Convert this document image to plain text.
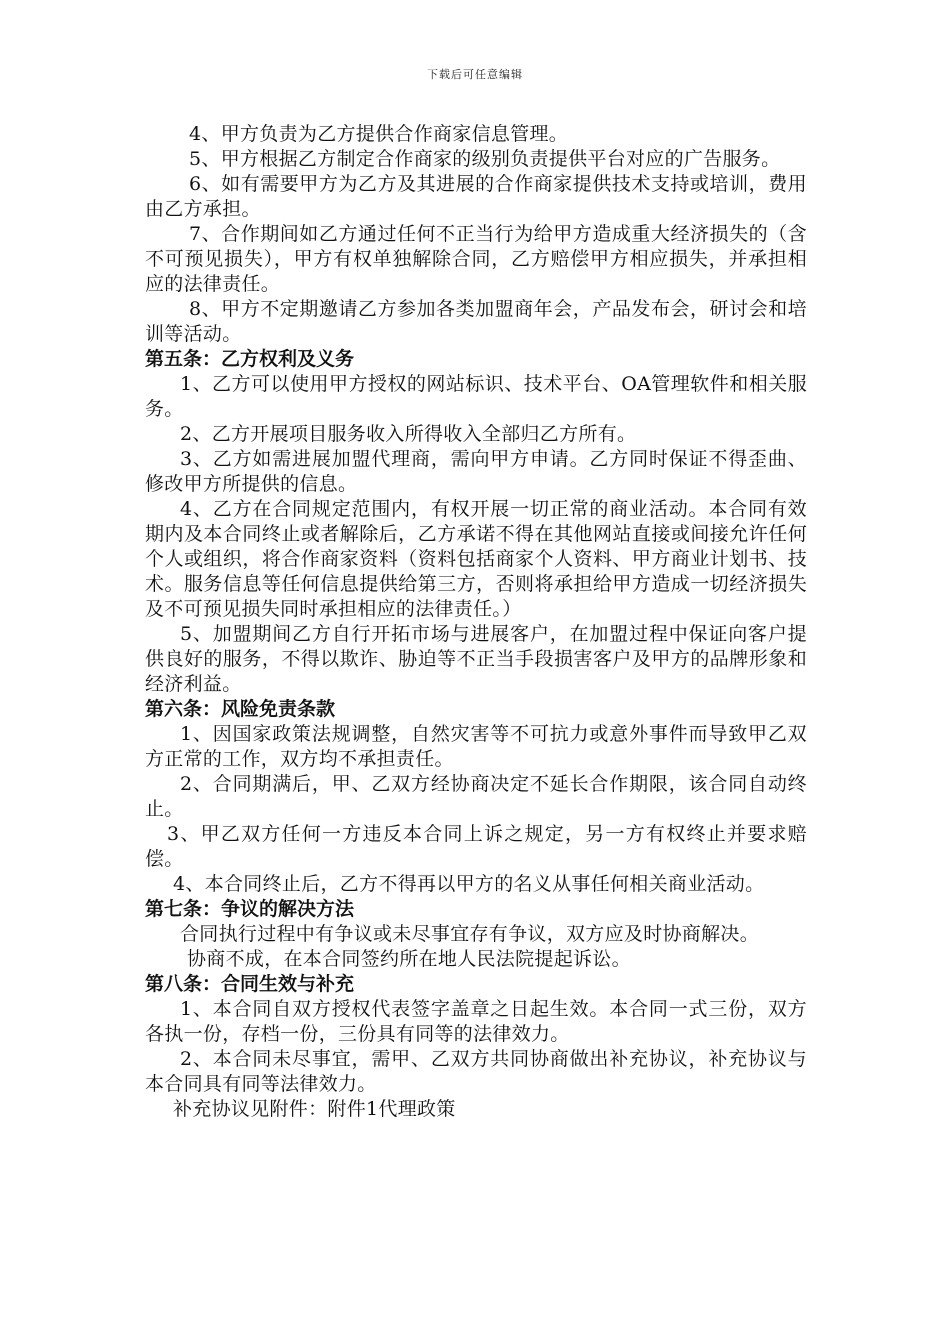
下载后可任意编辑

4、甲方负责为乙方提供合作商家信息管理。

5、甲方根据乙方制定合作商家的级别负责提供平台对应的广告服务。

6、如有需要甲方为乙方及其进展的合作商家提供技术支持或培训，费用由乙方承担。

7、合作期间如乙方通过任何不正当行为给甲方造成重大经济损失的（含不可预见损失），甲方有权单独解除合同，乙方赔偿甲方相应损失，并承担相应的法律责任。

8、甲方不定期邀请乙方参加各类加盟商年会，产品发布会，研讨会和培训等活动。

第五条：乙方权利及义务

1、乙方可以使用甲方授权的网站标识、技术平台、OA管理软件和相关服务。

2、乙方开展项目服务收入所得收入全部归乙方所有。

3、乙方如需进展加盟代理商，需向甲方申请。乙方同时保证不得歪曲、修改甲方所提供的信息。

4、乙方在合同规定范围内，有权开展一切正常的商业活动。本合同有效期内及本合同终止或者解除后，乙方承诺不得在其他网站直接或间接允许任何个人或组织，将合作商家资料（资料包括商家个人资料、甲方商业计划书、技术。服务信息等任何信息提供给第三方，否则将承担给甲方造成一切经济损失及不可预见损失同时承担相应的法律责任。）

5、加盟期间乙方自行开拓市场与进展客户，在加盟过程中保证向客户提供良好的服务，不得以欺诈、胁迫等不正当手段损害客户及甲方的品牌形象和经济利益。

第六条：风险免责条款

1、因国家政策法规调整，自然灾害等不可抗力或意外事件而导致甲乙双方正常的工作，双方均不承担责任。

2、合同期满后，甲、乙双方经协商决定不延长合作期限，该合同自动终止。

3、甲乙双方任何一方违反本合同上诉之规定，另一方有权终止并要求赔偿。

4、本合同终止后，乙方不得再以甲方的名义从事任何相关商业活动。

第七条：争议的解决方法

合同执行过程中有争议或未尽事宜存有争议，双方应及时协商解决。

协商不成，在本合同签约所在地人民法院提起诉讼。

第八条：合同生效与补充

1、本合同自双方授权代表签字盖章之日起生效。本合同一式三份，双方各执一份，存档一份，三份具有同等的法律效力。

2、本合同未尽事宜，需甲、乙双方共同协商做出补充协议，补充协议与本合同具有同等法律效力。

补充协议见附件：附件1代理政策
